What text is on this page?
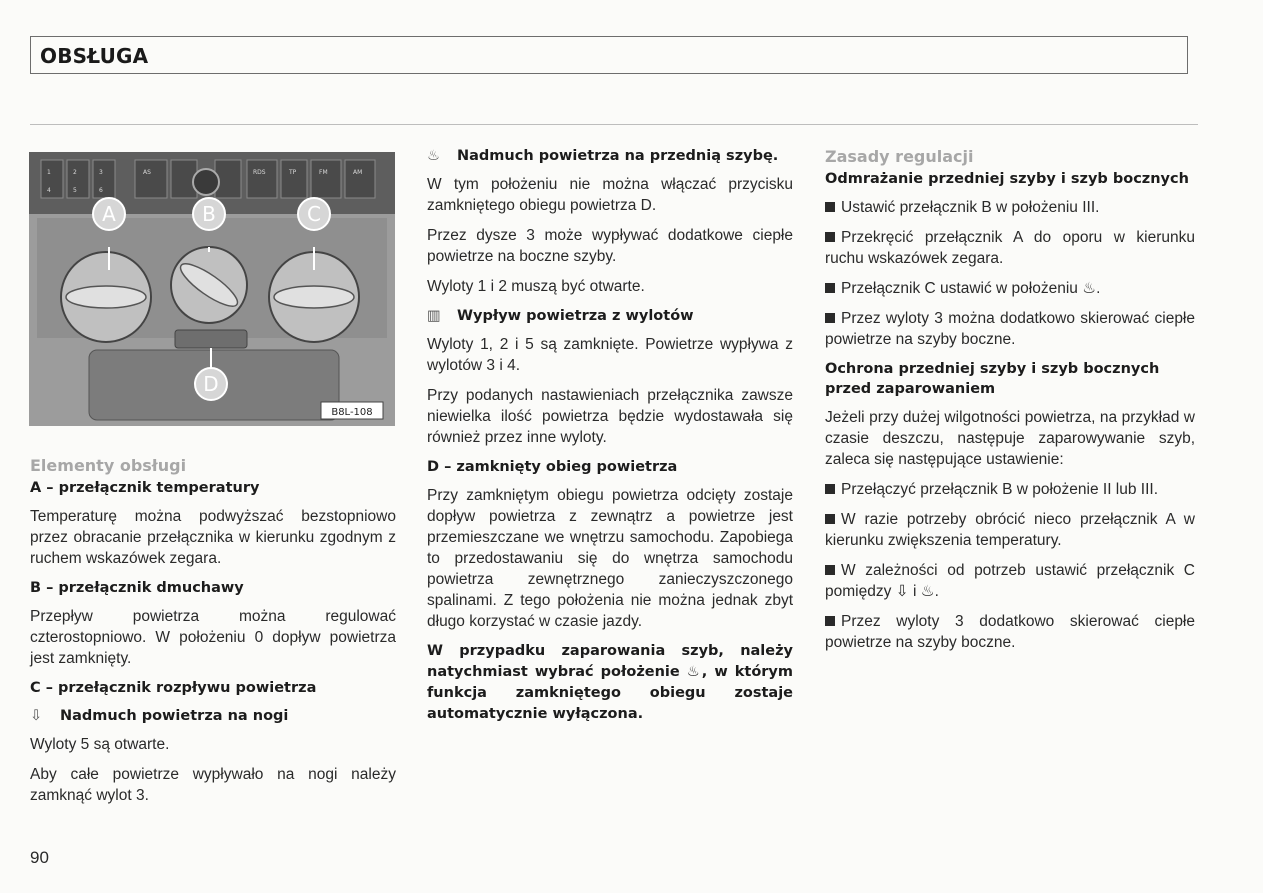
OBSŁUGA
1	2	3
4	5	6
AS	RDS	TP	FM	AM
A	B	C
D
B8L-108
Elementy obsługi
A – przełącznik temperatury

Temperaturę można podwyższać bezstopniowo przez obracanie przełącznika w kierunku zgodnym z ruchem wskazówek zegara.

B – przełącznik dmuchawy

Przepływ powietrza można regulować czterostopniowo. W położeniu 0 dopływ powietrza jest zamknięty.

C – przełącznik rozpływu powietrza
⇩ Nadmuch powietrza na nogi

Wyloty 5 są otwarte.

Aby całe powietrze wypływało na nogi należy zamknąć wylot 3.

♨	Nadmuch powietrza na przednią szybę.

W tym położeniu nie można włączać przycisku zamkniętego obiegu powietrza D.

Przez dysze 3 może wypływać dodatkowe ciepłe powietrze na boczne szyby.

Wyloty 1 i 2 muszą być otwarte.

▥ Wypływ powietrza z wylotów

Wyloty 1, 2 i 5 są zamknięte. Powietrze wypływa z wylotów 3 i 4.

Przy podanych nastawieniach przełącznika zawsze niewielka ilość powietrza będzie wydostawała się również przez inne wyloty.

D – zamknięty obieg powietrza

Przy zamkniętym obiegu powietrza odcięty zostaje dopływ powietrza z zewnątrz a powietrze jest przemieszczane we wnętrzu samochodu. Zapobiega to przedostawaniu się do wnętrza samochodu powietrza zewnętrznego zanieczyszczonego spalinami. Z tego położenia nie można jednak zbyt długo korzystać w czasie jazdy.

W przypadku zaparowania szyb, należy natychmiast wybrać położenie ♨, w którym funkcja zamkniętego obiegu zostaje automatycznie wyłączona.

Zasady regulacji
Odmrażanie przedniej szyby i szyb bocznych

Ustawić przełącznik B w położeniu III.

Przekręcić przełącznik A do oporu w kierunku ruchu wskazówek zegara.

Przełącznik C ustawić w położeniu ♨.

Przez wyloty 3 można dodatkowo skierować ciepłe powietrze na szyby boczne.

Ochrona przedniej szyby i szyb bocznych przed zaparowaniem

Jeżeli przy dużej wilgotności powietrza, na przykład w czasie deszczu, następuje zaparowywanie szyb, zaleca się następujące ustawienie:

Przełączyć przełącznik B w położenie II lub III.

W razie potrzeby obrócić nieco przełącznik A w kierunku zwiększenia temperatury.

W zależności od potrzeb ustawić przełącznik C pomiędzy ⇩ i ♨.

Przez wyloty 3 dodatkowo skierować ciepłe powietrze na szyby boczne.

90
